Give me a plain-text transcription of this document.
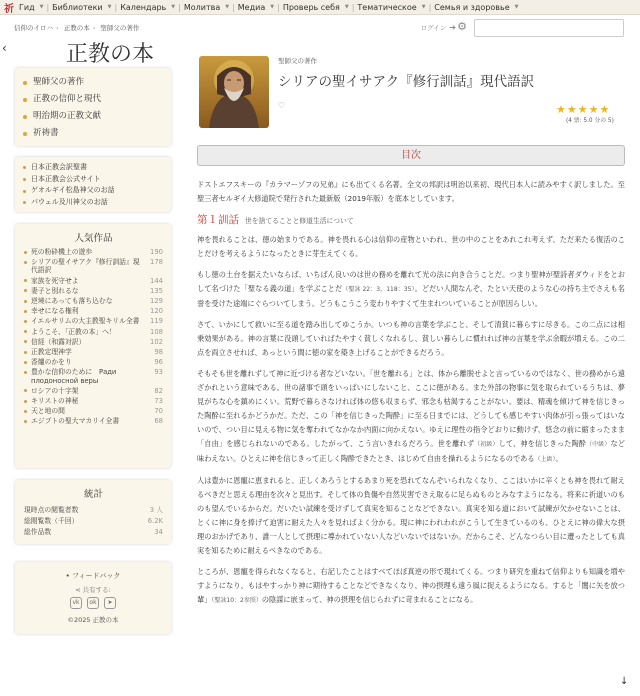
祈 Гид ▼ | Библиотеки ▼ | Календарь ▼ | Молитва ▼ | Медиа ▼ | Проверь себя ▼ | Тематическое ▼ | Семья и здоровье ▼
信仰のイロハ › 正教の本 › 聖師父の著作	ログイン ➔ ⚙
‹	正教の本
聖師父の著作
正教の信仰と現代
明治期の正教文献
祈祷書
日本正教会訳聖書
日本正教会公式サイト
ゲオルギイ松島神父のお話
パウェル及川神父のお話
人気作品
死の粉砕機上の遊歩	190
シリアの聖イサアク『修行訓話』現代語訳
178
家族を死守せよ	144
妻子と別れるな	135
逆境にあっても落ち込むな	129
幸せになる権利	120
イエルサリムの大主教聖キリル全書	119
ようこそ、「正教の本」へ！	108
信経（和露対訳）	102
正教定理神学	98
香爐のかをり	96
豊かな信仰のために　Ради плодоносной веры
93
ロシアの十字架	82
キリストの神秘	73
天と地の間	70
エジプトの聖大マカリイ全書	68
統計
現時点の閲覧者数	3 人
総閲覧数（千回）	6.2K
総作品数	34
• フィードバック
⋖ 共有する:
vk	ok	➤
©2025 正教の本
聖師父の著作
シリアの聖イサアク『修行訓話』現代語訳
♡	★★★★★
(4 票: 5.0 分の 5)
目次

ドストエフスキーの『カラマーゾフの兄弟』にも出てくる名著。全文の邦訳は明治以来初、現代日本人に読みやすく訳しました。至聖三者セルギイ大修道院で発行された最新版（2019年版）を底本としています。

第１訓話 世を捨てることと修道生活について

神を畏れることは、徳の始まりである。神を畏れる心は信仰の産物といわれ、世の中のことをあれこれ考えず、ただ来たる復活のことだけを考えるようになったときに芽生えてくる。

もし徳の土台を据えたいならば、いちばん良いのは世の務めを離れて光の法に向き合うことだ。つまり聖神が聖詩者ダウィドをとおして名づけた「聖なる義の道」を学ぶことだ（聖詠 22：3，118：35）。どだい人間なんぞ、たとい天使のような心の持ち主でさえも名誉を受けた途端にぐらついてしまう。どうもこうこう変わりやすくて生まれついていることが原因らしい。

さて、いかにして救いに至る道を踏み出してゆこうか。いつも神の言葉を学ぶこと、そして清貧に暮らすに尽きる。この二点には相乗効果がある。神の言葉に没頭していればたやすく貧しくなれるし、貧しい暮らしに慣れれば神の言葉を学ぶ余暇が増える。この二点を両立させれば、あっという間に徳の家を築き上げることができるだろう。

そもそも世を離れずして神に近づける者などいない。「世を離れる」とは、体から離脱せよと言っているのではなく、世の務めから遠ざかれという意味である。世の諸事で頭をいっぱいにしないこと、ここに徳がある。また外部の物事に気を取られているうちは、夢見がちな心を鎮めにくい。荒野で暮らさなければ体の悠も収まらず、邪念も枯渇することがない。要は、精魂を傾けて神を信じきった陶酔に至れるかどうかだ。ただ、この「神を信じきった陶酔」に至る日までには、どうしても感じやすい肉体が引っ張ってはいないので、つい目に見える物に気を奪われてなかなか内面に向かえない。ゆえに理性の指令どおりに動けず、悠念の前に縮まったまま「自由」を感じられないのである。したがって、こう言いきれるだろう。世を離れず（初級）して、神を信じきった陶酔（中級）など味わえない。ひとえに神を信じきって正しく陶酔できたとき、はじめて自由を操れるようになるのである（上級）。

人は豊かに恩寵に恵まれると、正しくあろうとするあまり死を恐れてなんぞいられなくなり、ここはいかに辛くとも神を畏れて耐えるべきだと思える理由を次々と見出す。そして体の負傷や自然災害でさえ取るに足らぬものとみなすようになる。将来に祈道いのものも望んでいるからだ。だいたい試練を受けずして真実を知ることなどできない。真実を知る道において試練が欠かせないことは、とくに神に身を捧げて迫害に耐えた人々を見ればよく分かる。現に神にわれわれがこうして生きているのも、ひとえに神の偉大な摂理のおかげであり、誰一人として摂理に導かれていない人などいないではないか。だからこそ、どんなつらい目に遭ったとしても真実を知るために耐えるべきなのである。

ところが、恩寵を得られなくなると、右記したことはすべてほぼ真逆の形で現れてくる。つまり研究を重ねて信仰よりも知識を増やすようになり、もはやすっかり神に期待することなどできなくなり、神の摂理も遠う風に捉えるようになる。すると「闇に矢を放つ輩」（聖詠10：2参照）の陰謀に嵌まって、神の摂理を信じられずに苛まれることになる。

↓
